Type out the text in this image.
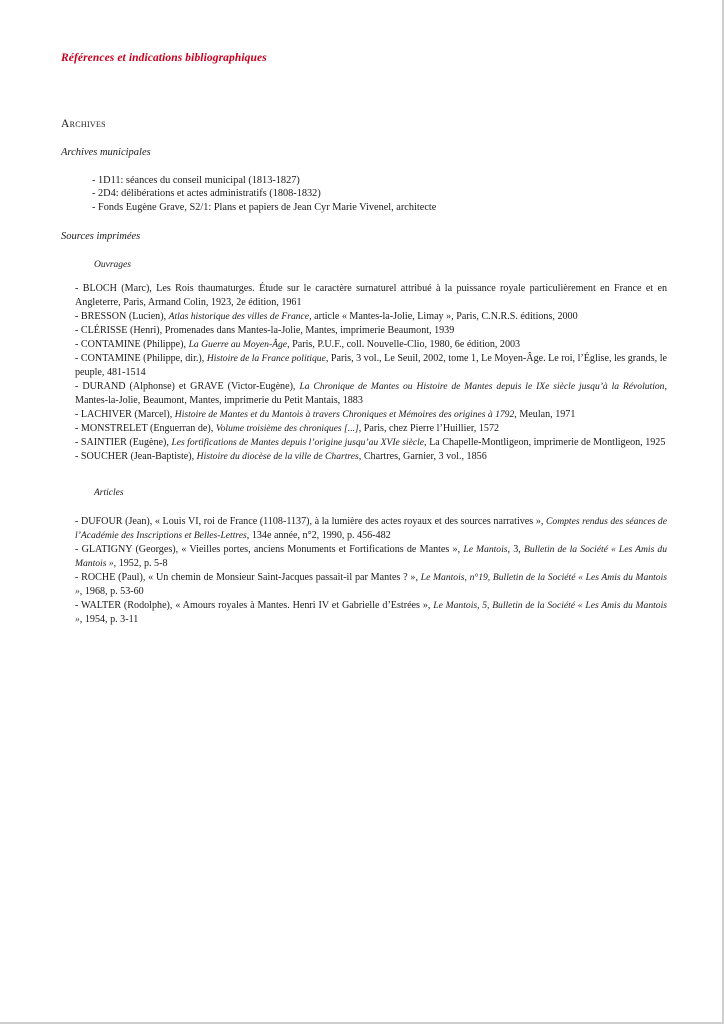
Références et indications bibliographiques
Archives
Archives municipales
- 1D11: séances du conseil municipal (1813-1827)
- 2D4: délibérations et actes administratifs (1808-1832)
- Fonds Eugène Grave, S2/1: Plans et papiers de Jean Cyr Marie Vivenel, architecte
Sources imprimées
Ouvrages
- BLOCH (Marc), Les Rois thaumaturges. Étude sur le caractère surnaturel attribué à la puissance royale particulièrement en France et en Angleterre, Paris, Armand Colin, 1923, 2e édition, 1961
- BRESSON (Lucien), Atlas historique des villes de France, article « Mantes-la-Jolie, Limay », Paris, C.N.R.S. éditions, 2000
- CLÉRISSE (Henri), Promenades dans Mantes-la-Jolie, Mantes, imprimerie Beaumont, 1939
- CONTAMINE (Philippe), La Guerre au Moyen-Âge, Paris, P.U.F., coll. Nouvelle-Clio, 1980, 6e édition, 2003
- CONTAMINE (Philippe, dir.), Histoire de la France politique, Paris, 3 vol., Le Seuil, 2002, tome 1, Le Moyen-Âge. Le roi, l’Église, les grands, le peuple, 481-1514
- DURAND (Alphonse) et GRAVE (Victor-Eugène), La Chronique de Mantes ou Histoire de Mantes depuis le IXe siècle jusqu’à la Révolution, Mantes-la-Jolie, Beaumont, Mantes, imprimerie du Petit Mantais, 1883
- LACHIVER (Marcel), Histoire de Mantes et du Mantois à travers Chroniques et Mémoires des origines à 1792, Meulan, 1971
- MONSTRELET (Enguerran de), Volume troisième des chroniques [...], Paris, chez Pierre l’Huillier, 1572
- SAINTIER (Eugène), Les fortifications de Mantes depuis l’origine jusqu’au XVIe siècle, La Chapelle-Montligeon, imprimerie de Montligeon, 1925
- SOUCHER (Jean-Baptiste), Histoire du diocèse de la ville de Chartres, Chartres, Garnier, 3 vol., 1856
Articles
- DUFOUR (Jean), « Louis VI, roi de France (1108-1137), à la lumière des actes royaux et des sources narratives », Comptes rendus des séances de l’Académie des Inscriptions et Belles-Lettres, 134e année, n°2, 1990, p. 456-482
- GLATIGNY (Georges), « Vieilles portes, anciens Monuments et Fortifications de Mantes », Le Mantois, 3, Bulletin de la Société « Les Amis du Mantois », 1952, p. 5-8
- ROCHE (Paul), « Un chemin de Monsieur Saint-Jacques passait-il par Mantes ? », Le Mantois, n°19, Bulletin de la Société « Les Amis du Mantois », 1968, p. 53-60
- WALTER (Rodolphe), « Amours royales à Mantes. Henri IV et Gabrielle d’Estrées », Le Mantois, 5, Bulletin de la Société « Les Amis du Mantois », 1954, p. 3-11
